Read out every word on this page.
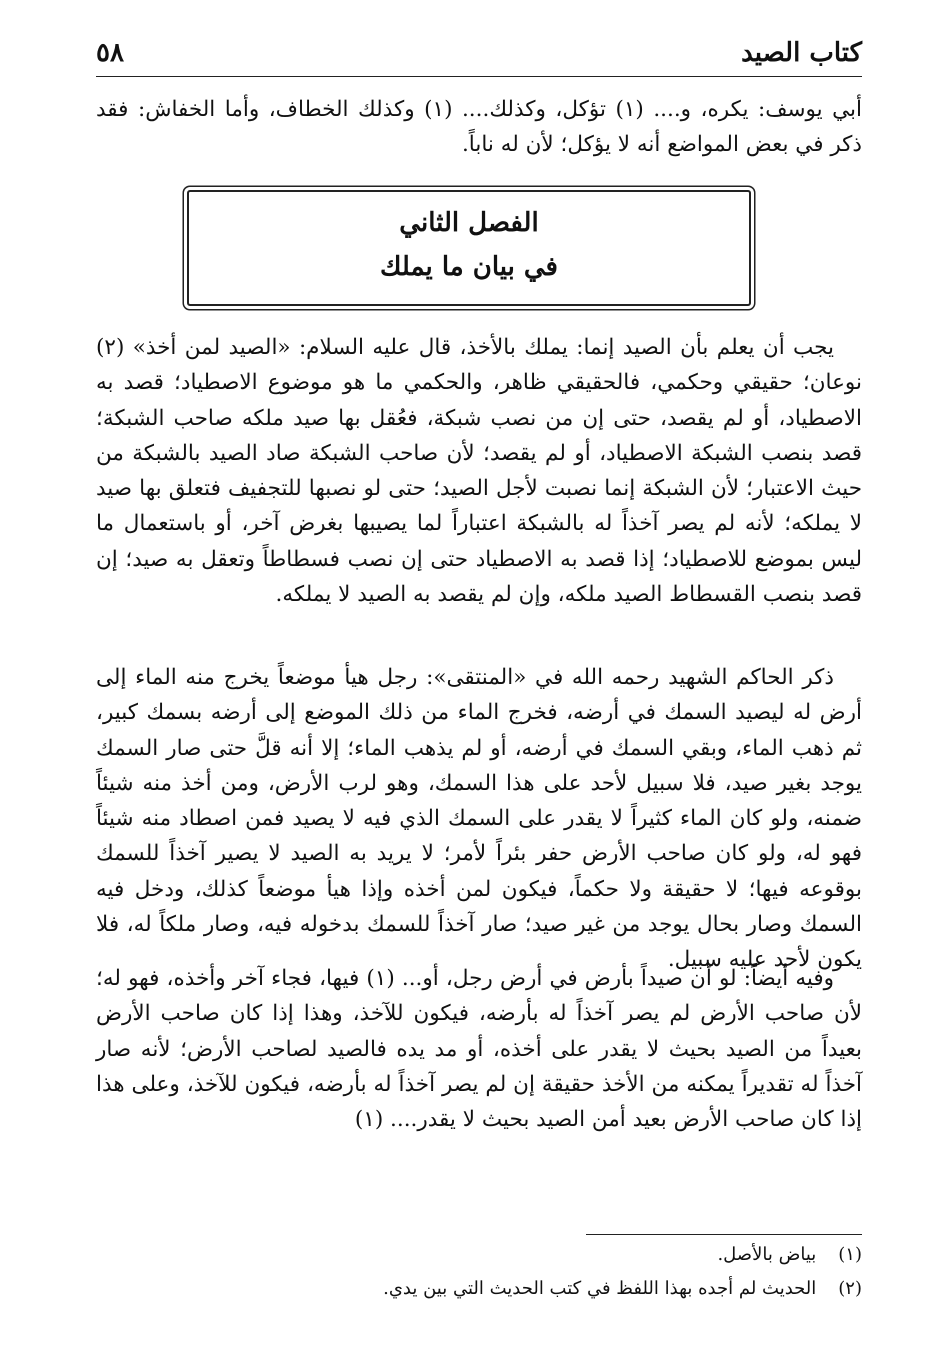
كتاب الصيد
٥٨

أبي يوسف: يكره، و.... (١) تؤكل، وكذلك.... (١) وكذلك الخطاف، وأما الخفاش: فقد ذكر في بعض المواضع أنه لا يؤكل؛ لأن له ناباً.

الفصل الثاني
في بيان ما يملك

يجب أن يعلم بأن الصيد إنما: يملك بالأخذ، قال عليه السلام: «الصيد لمن أخذ» (٢) نوعان؛ حقيقي وحكمي، فالحقيقي ظاهر، والحكمي ما هو موضوع الاصطياد؛ قصد به الاصطياد، أو لم يقصد، حتى إن من نصب شبكة، فعُقل بها صيد ملكه صاحب الشبكة؛ قصد بنصب الشبكة الاصطياد، أو لم يقصد؛ لأن صاحب الشبكة صاد الصيد بالشبكة من حيث الاعتبار؛ لأن الشبكة إنما نصبت لأجل الصيد؛ حتى لو نصبها للتجفيف فتعلق بها صيد لا يملكه؛ لأنه لم يصر آخذاً له بالشبكة اعتباراً لما يصيبها بغرض آخر، أو باستعمال ما ليس بموضع للاصطياد؛ إذا قصد به الاصطياد حتى إن نصب فسطاطاً وتعقل به صيد؛ إن قصد بنصب القسطاط الصيد ملكه، وإن لم يقصد به الصيد لا يملكه.

ذكر الحاكم الشهيد رحمه الله في «المنتقى»: رجل هيأ موضعاً يخرج منه الماء إلى أرض له ليصيد السمك في أرضه، فخرج الماء من ذلك الموضع إلى أرضه بسمك كبير، ثم ذهب الماء، وبقي السمك في أرضه، أو لم يذهب الماء؛ إلا أنه قلَّ حتى صار السمك يوجد بغير صيد، فلا سبيل لأحد على هذا السمك، وهو لرب الأرض، ومن أخذ منه شيئاً ضمنه، ولو كان الماء كثيراً لا يقدر على السمك الذي فيه لا يصيد فمن اصطاد منه شيئاً فهو له، ولو كان صاحب الأرض حفر بئراً لأمر؛ لا يريد به الصيد لا يصير آخذاً للسمك بوقوعه فيها؛ لا حقيقة ولا حكماً، فيكون لمن أخذه وإذا هيأ موضعاً كذلك، ودخل فيه السمك وصار بحال يوجد من غير صيد؛ صار آخذاً للسمك بدخوله فيه، وصار ملكاً له، فلا يكون لأحد عليه سبيل.

وفيه أيضاً: لو أن صيداً بأرض في أرض رجل، أو... (١) فيها، فجاء آخر وأخذه، فهو له؛ لأن صاحب الأرض لم يصر آخذاً له بأرضه، فيكون للآخذ، وهذا إذا كان صاحب الأرض بعيداً من الصيد بحيث لا يقدر على أخذه، أو مد يده فالصيد لصاحب الأرض؛ لأنه صار آخذاً له تقديراً يمكنه من الأخذ حقيقة إن لم يصر آخذاً له بأرضه، فيكون للآخذ، وعلى هذا إذا كان صاحب الأرض بعيد أمن الصيد بحيث لا يقدر.... (١)

(١) بياض بالأصل.
(٢) الحديث لم أجده بهذا اللفظ في كتب الحديث التي بين يدي.
